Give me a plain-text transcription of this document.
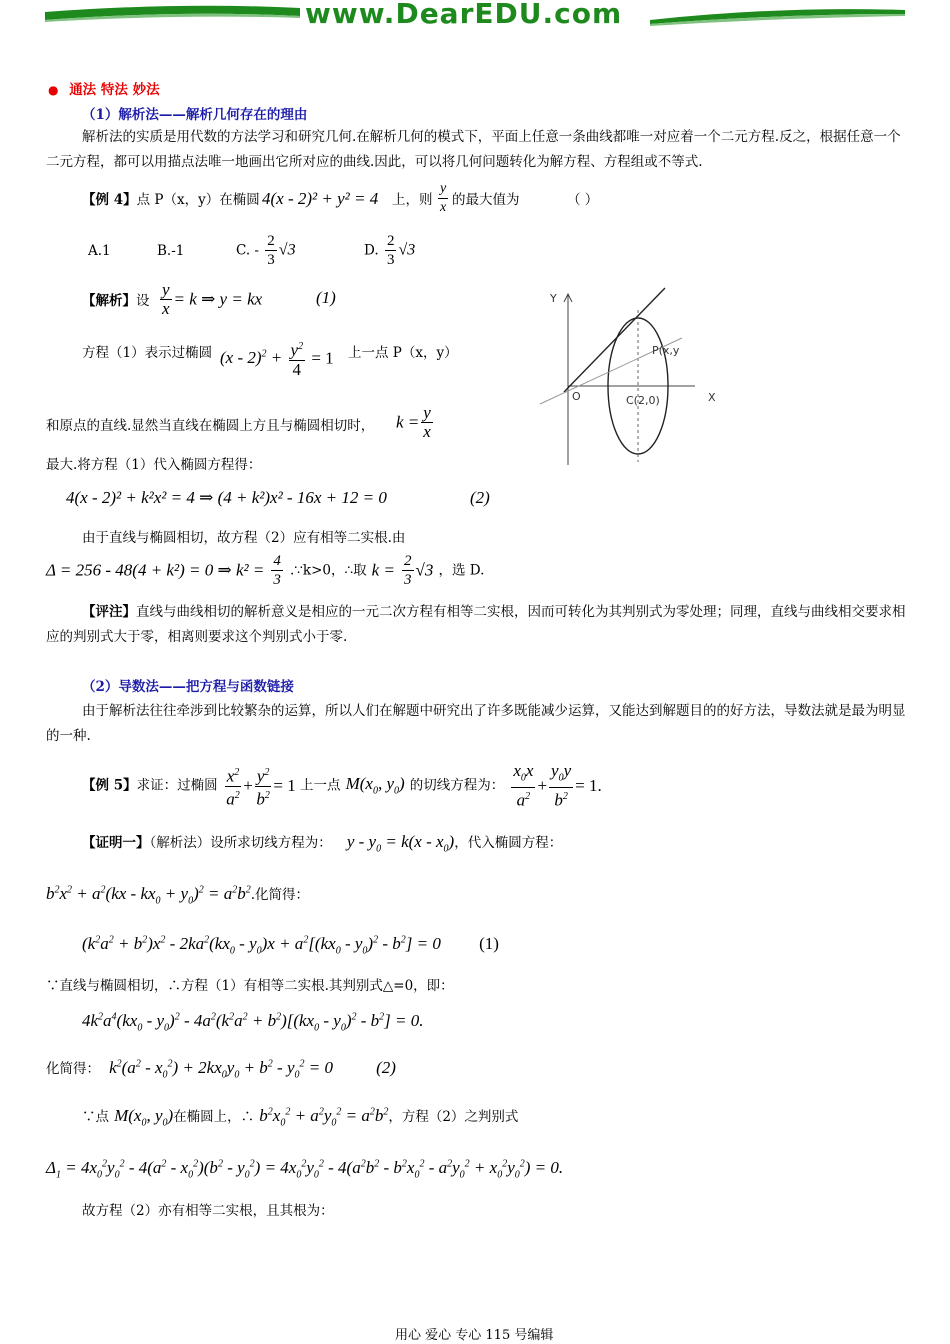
www.DearEDU.com
● 通法 特法 妙法
（1）解析法——解析几何存在的理由
解析法的实质是用代数的方法学习和研究几何.在解析几何的模式下，平面上任意一条曲线都唯一对应着一个二元方程.反之，根据任意一个二元方程，都可以用描点法唯一地画出它所对应的曲线.因此，可以将几何问题转化为解方程、方程组或不等式.
【例 4】点 P（x，y）在椭圆 4(x - 2)² + y² = 4 上，则 $\frac{y}{x}$ 的最大值为	（ ）
A.1	B.-1	C. - $\frac{2}{3} √3$	D. $\frac{2}{3} √3$
【解析】设 $\frac{y}{x} = k$ ⇒ y = kx	(1)
方程（1）表示过椭圆 $(x - 2)^2 + \frac{y^2}{4} = 1$ 上一点 P（x，y）
和原点的直线.显然当直线在椭圆上方且与椭圆相切时， $k = \frac{y}{x}$
最大.将方程（1）代入椭圆方程得：
4(x - 2)² + k²x² = 4 ⇒ (4 + k²)x² - 16x + 12 = 0	(2)
由于直线与椭圆相切，故方程（2）应有相等二实根.由
Δ = 256 - 48(4 + k²) = 0 ⇒ $k^2 = \frac{4}{3}$ .∵k>0，∴取 $k = \frac{2}{3} √3$ ，选 D.
【评注】直线与曲线相切的解析意义是相应的一元二次方程有相等二实根，因而可转化为其判别式为零处理；同理，直线与曲线相交要求相应的判别式大于零，相离则要求这个判别式小于零.
Y
X
O	C(2,0)
P(x,y
（2）导数法——把方程与函数链接
由于解析法往往牵涉到比较繁杂的运算，所以人们在解题中研究出了许多既能减少运算，又能达到解题目的的好方法，导数法就是最为明显的一种.
【例 5】求证：过椭圆 $\frac{x^2}{a^2} + \frac{y^2}{b^2} = 1$ 上一点 $M(x_0$, $y_0$) 的切线方程为： $\frac{x_0x}{a^2} + \frac{y_0y}{b^2} = 1$.
【证明一】（解析法）设所求切线方程为： $y - y_0 = k(x - x_0)$，代入椭圆方程：
$b^2x^2 + a^2(kx - kx_0 + y_0)^2 = a^2b^2$.化简得：
$(k^2a^2 + b^2)x^2 - 2ka^2(kx_0 - y_0)x + a^2[(kx_0 - y_0)^2 - b^2] = 0$ (1)
∵直线与椭圆相切，∴方程（1）有相等二实根.其判别式△=0，即：
$4k^2a^4(kx_0 - y_0)^2 - 4a^2(k^2a^2 + b^2)[(kx_0 - y_0)^2 - b^2] = 0$.
化简得： $k^2(a^2 - x_0^2) + 2kx_0y_0 + b^2 - y_0^2 = 0$	(2)
∵点 $M(x_0$, $y_0$)在椭圆上，∴ $b^2x_0^2 + a^2y_0^2 = a^2b^2$，方程（2）之判别式
$\Delta_1 = 4x_0^2y_0^2 - 4(a^2 - x_0^2)(b^2 - y_0^2) = 4x_0^2y_0^2 - 4(a^2b^2 - b^2x_0^2 - a^2y_0^2 + x_0^2y_0^2) = 0$.
故方程（2）亦有相等二实根，且其根为：
用心 爱心 专心 115 号编辑
